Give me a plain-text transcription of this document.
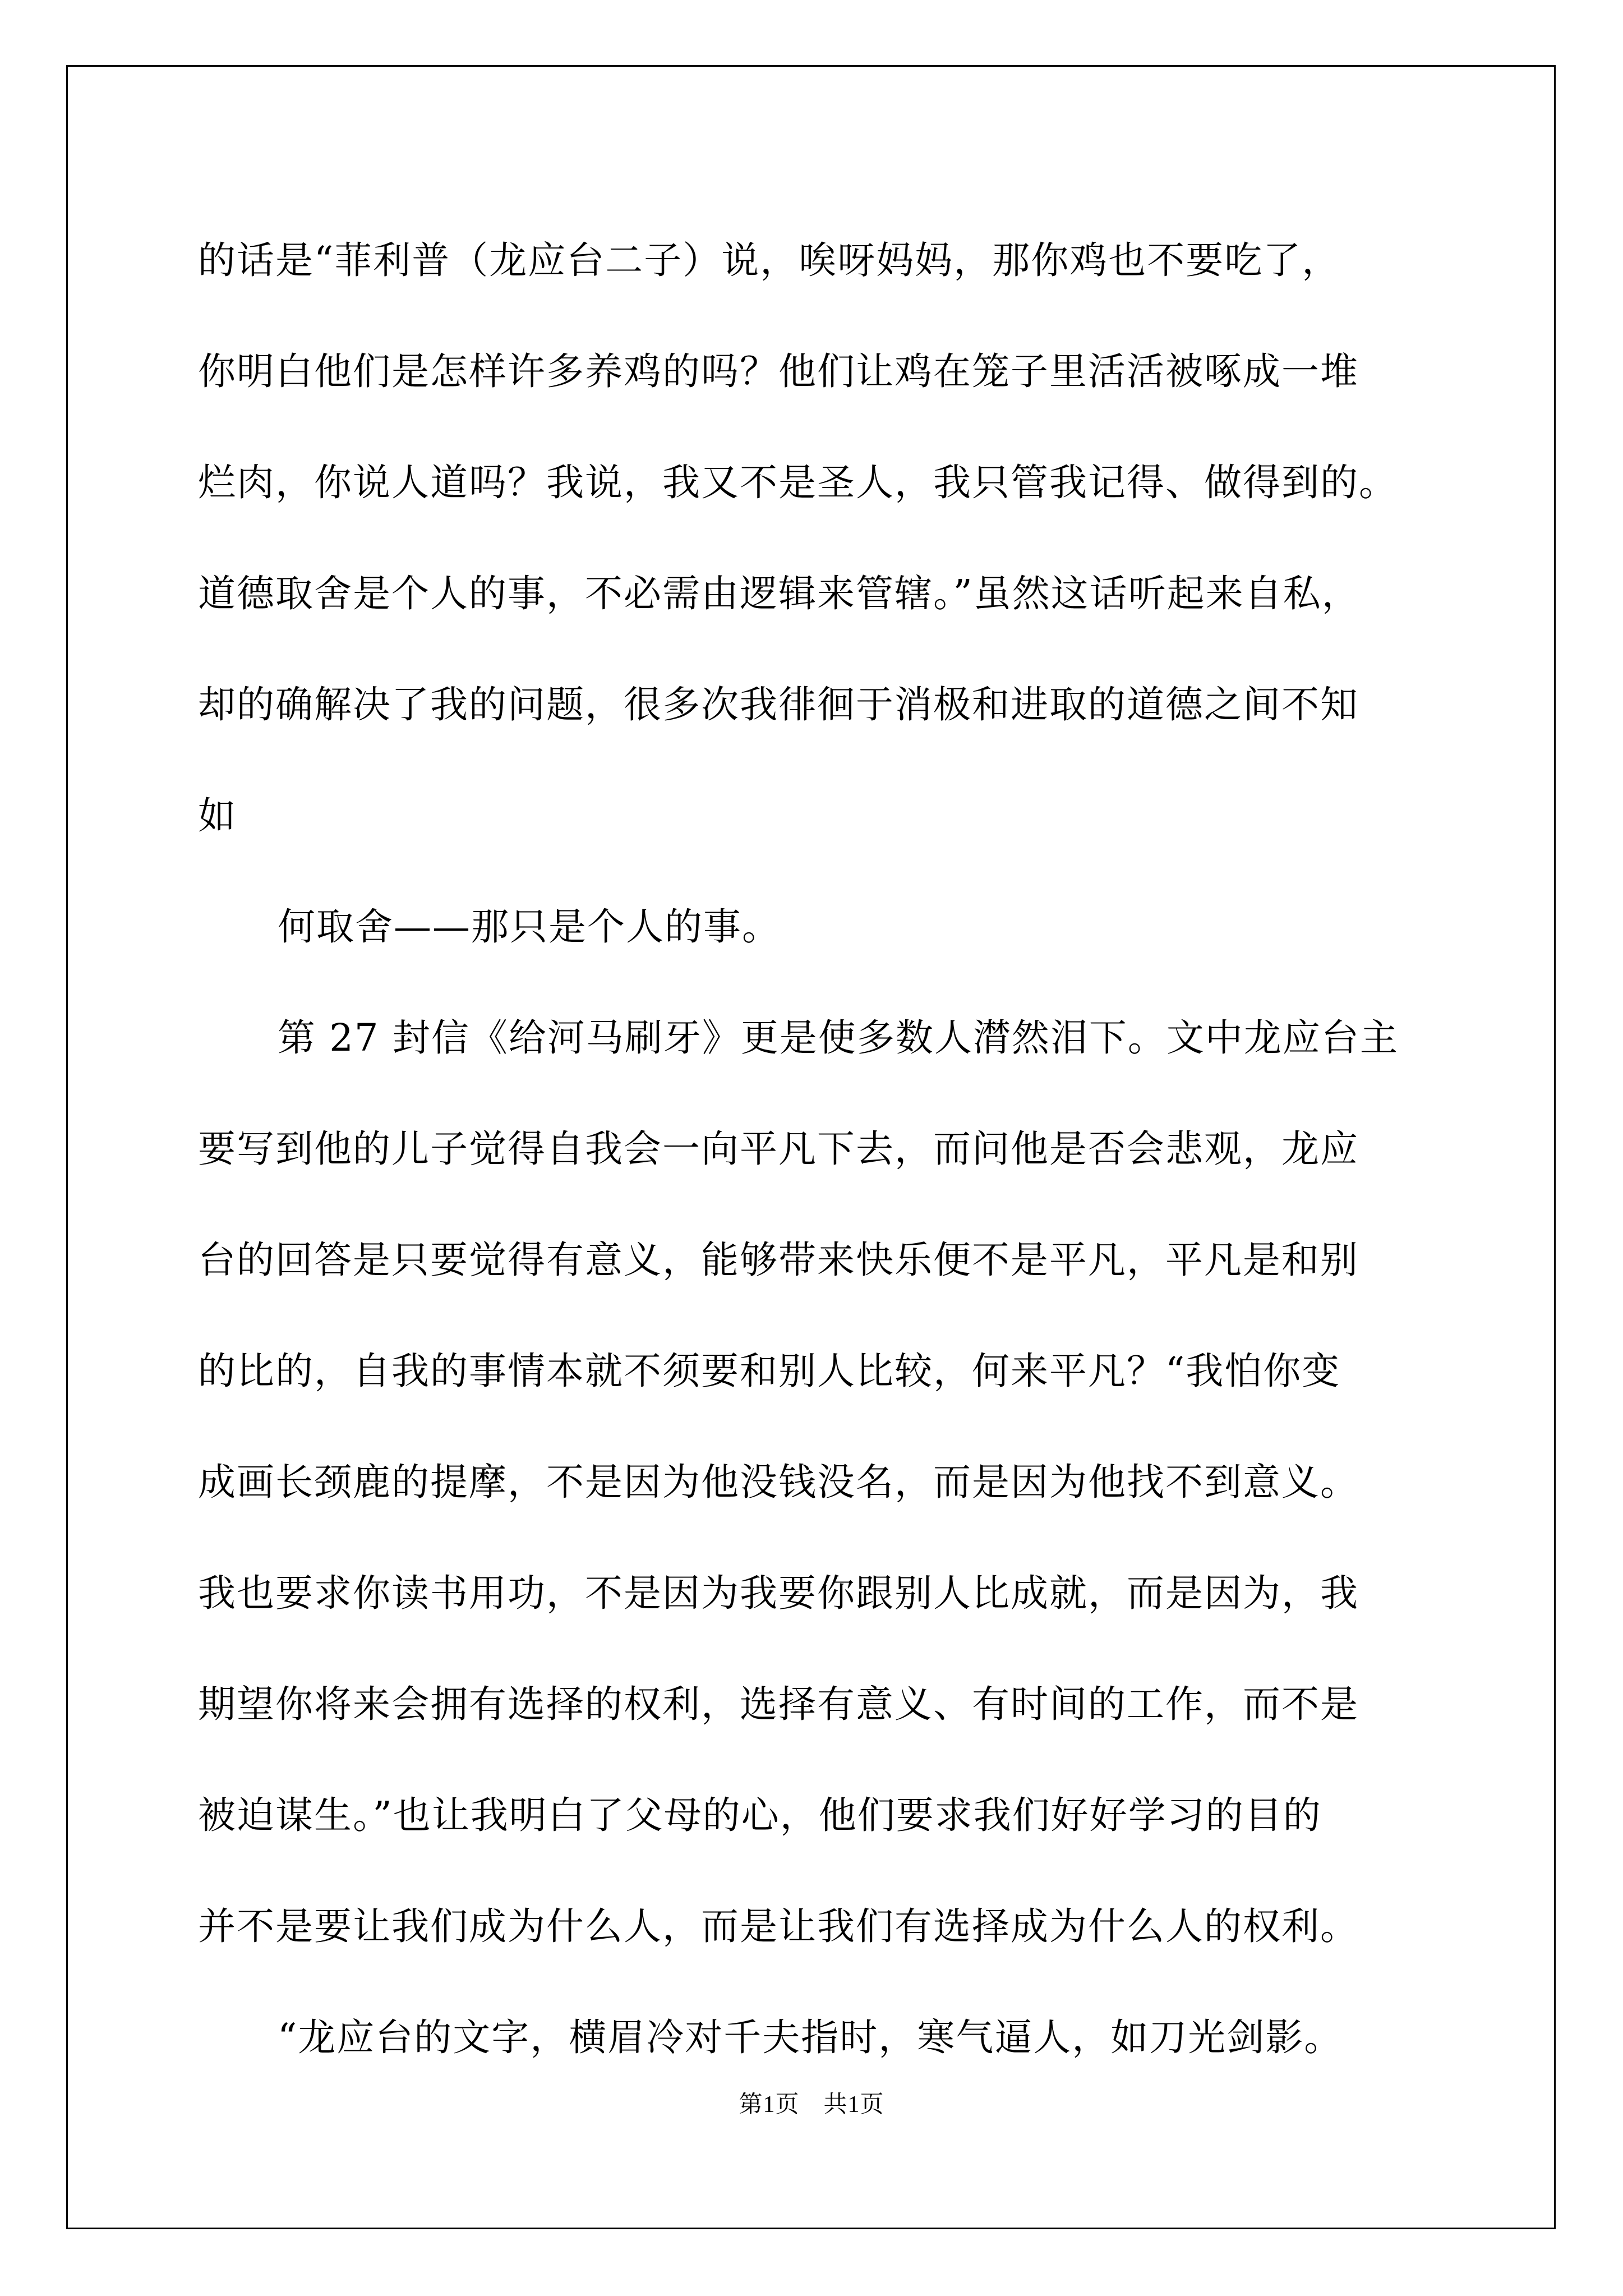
的话是“菲利普（龙应台二子）说，唉呀妈妈，那你鸡也不要吃了，
你明白他们是怎样许多养鸡的吗？他们让鸡在笼子里活活被啄成一堆
烂肉，你说人道吗？我说，我又不是圣人，我只管我记得、做得到的。
道德取舍是个人的事，不必需由逻辑来管辖。”虽然这话听起来自私，
却的确解决了我的问题，很多次我徘徊于消极和进取的道德之间不知
如
何取舍——那只是个人的事。
第 27 封信《给河马刷牙》更是使多数人潸然泪下。文中龙应台主
要写到他的儿子觉得自我会一向平凡下去，而问他是否会悲观，龙应
台的回答是只要觉得有意义，能够带来快乐便不是平凡，平凡是和别
的比的，自我的事情本就不须要和别人比较，何来平凡？“我怕你变
成画长颈鹿的提摩，不是因为他没钱没名，而是因为他找不到意义。
我也要求你读书用功，不是因为我要你跟别人比成就，而是因为，我
期望你将来会拥有选择的权利，选择有意义、有时间的工作，而不是
被迫谋生。”也让我明白了父母的心，他们要求我们好好学习的目的
并不是要让我们成为什么人，而是让我们有选择成为什么人的权利。
“龙应台的文字，横眉冷对千夫指时，寒气逼人，如刀光剑影。
第1页　共1页
